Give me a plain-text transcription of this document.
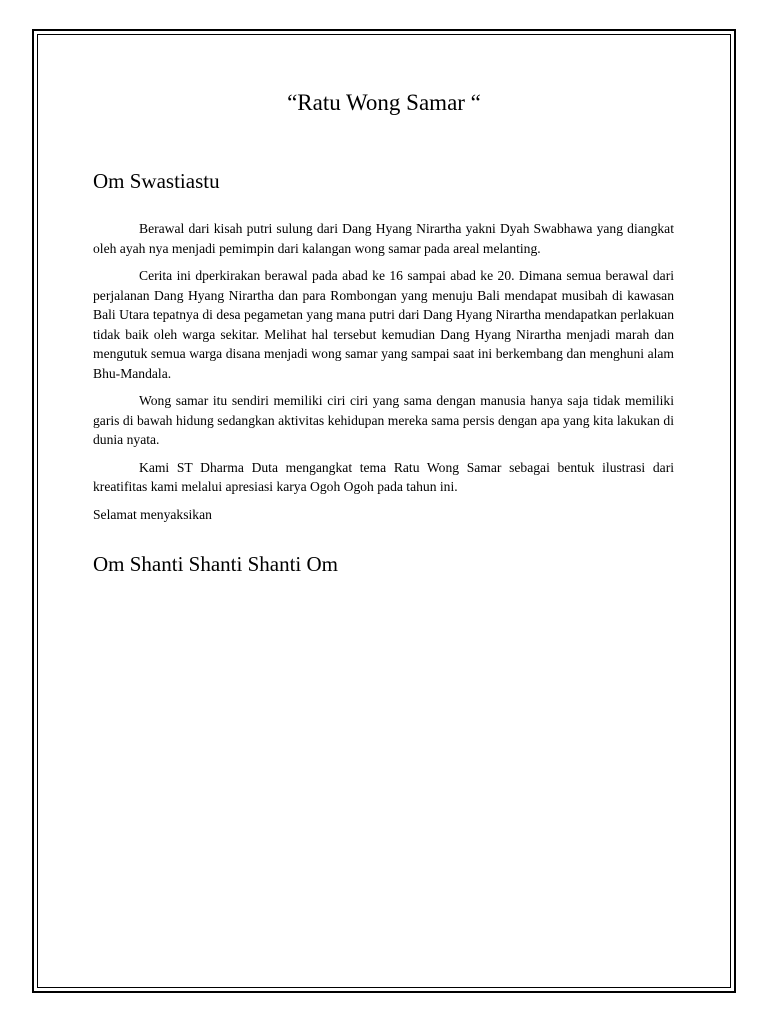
“Ratu Wong Samar “
Om Swastiastu

Berawal dari kisah putri sulung dari Dang Hyang Nirartha yakni Dyah Swabhawa yang diangkat oleh ayah nya menjadi pemimpin dari kalangan wong samar pada areal melanting.

Cerita ini dperkirakan berawal pada abad ke 16 sampai abad ke 20. Dimana semua berawal dari perjalanan Dang Hyang Nirartha dan para Rombongan yang menuju Bali mendapat musibah di kawasan Bali Utara tepatnya di desa pegametan yang mana putri dari Dang Hyang Nirartha mendapatkan perlakuan tidak baik oleh warga sekitar. Melihat hal tersebut kemudian Dang Hyang Nirartha menjadi marah dan mengutuk semua warga disana menjadi wong samar yang sampai saat ini berkembang dan menghuni alam Bhu-Mandala.

Wong samar itu sendiri memiliki ciri ciri yang sama dengan manusia hanya saja tidak memiliki garis di bawah hidung sedangkan aktivitas kehidupan mereka sama persis dengan apa yang kita lakukan di dunia nyata.

Kami ST Dharma Duta mengangkat tema Ratu Wong Samar sebagai bentuk ilustrasi dari kreatifitas kami melalui apresiasi karya Ogoh Ogoh pada tahun ini.

Selamat menyaksikan

Om Shanti Shanti Shanti Om
